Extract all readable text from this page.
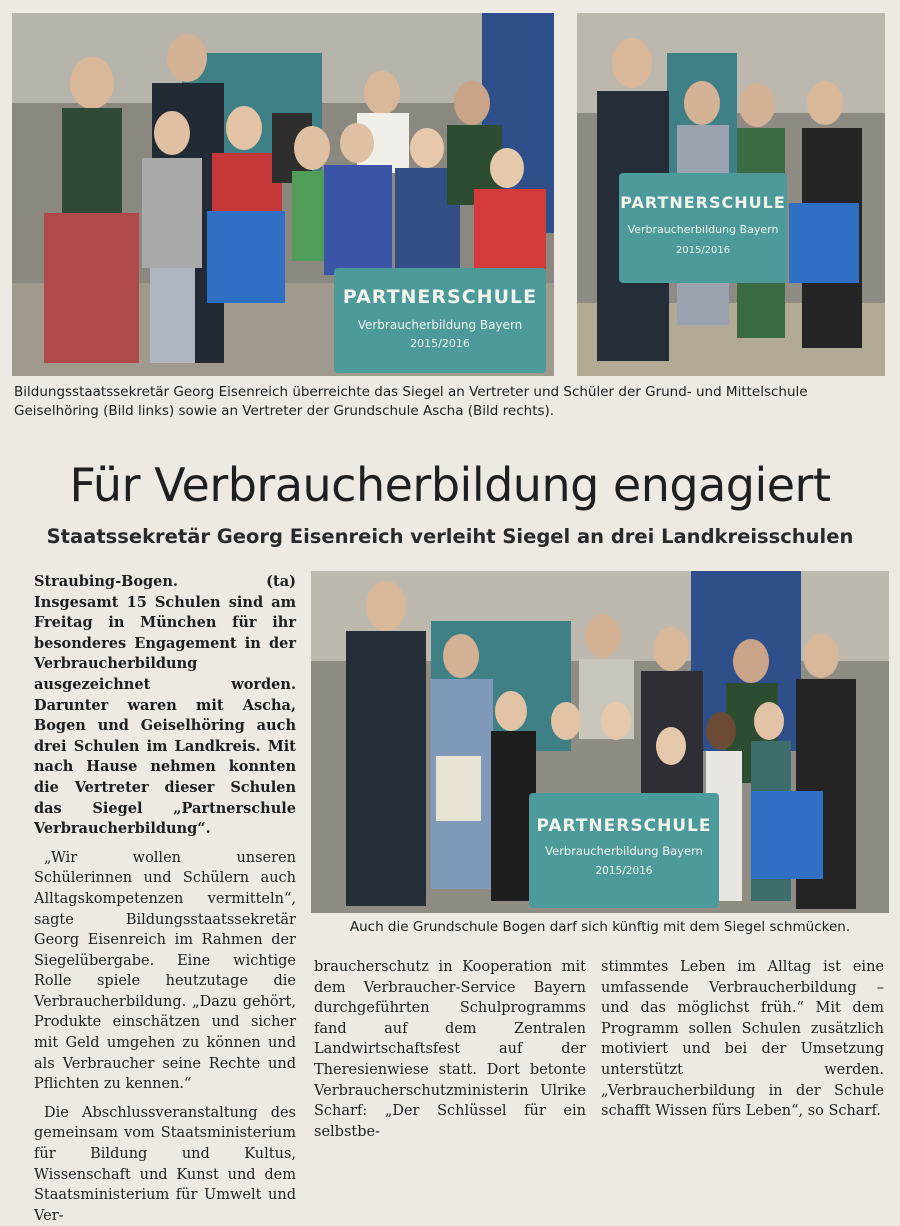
PARTNERSCHULE
Verbraucherbildung Bayern
2015/2016
PARTNERSCHULE
Verbraucherbildung Bayern
2015/2016
Bildungsstaatssekretär Georg Eisenreich überreichte das Siegel an Vertreter und Schüler der Grund- und Mittelschule Geiselhöring (Bild links) sowie an Vertreter der Grundschule Ascha (Bild rechts).
Für Verbraucherbildung engagiert
Staatssekretär Georg Eisenreich verleiht Siegel an drei Landkreisschulen

Straubing-Bogen. (ta) Insgesamt 15 Schulen sind am Freitag in München für ihr besonderes Engagement in der Verbraucherbildung ausgezeichnet worden. Darunter waren mit Ascha, Bogen und Geiselhöring auch drei Schulen im Landkreis. Mit nach Hause nehmen konnten die Vertreter dieser Schulen das Siegel „Partnerschule Verbraucherbildung“.

„Wir wollen unseren Schülerinnen und Schülern auch Alltagskompetenzen vermitteln“, sagte Bildungsstaatssekretär Georg Eisenreich im Rahmen der Siegelübergabe. Eine wichtige Rolle spiele heutzutage die Verbraucherbildung. „Dazu gehört, Produkte einschätzen und sicher mit Geld umgehen zu können und als Verbraucher seine Rechte und Pflichten zu kennen.“

Die Abschlussveranstaltung des gemeinsam vom Staatsministerium für Bildung und Kultus, Wissenschaft und Kunst und dem Staatsministerium für Umwelt und Ver-

PARTNERSCHULE
Verbraucherbildung Bayern
2015/2016
Auch die Grundschule Bogen darf sich künftig mit dem Siegel schmücken.

braucherschutz in Kooperation mit dem Verbraucher-Service Bayern durchgeführten Schulprogramms fand auf dem Zentralen Landwirtschaftsfest auf der Theresienwiese statt. Dort betonte Verbraucherschutzministerin Ulrike Scharf: „Der Schlüssel für ein selbstbe-

stimmtes Leben im Alltag ist eine umfassende Verbraucherbildung – und das möglichst früh.“ Mit dem Programm sollen Schulen zusätzlich motiviert und bei der Umsetzung unterstützt werden. „Verbraucherbildung in der Schule schafft Wissen fürs Leben“, so Scharf.
